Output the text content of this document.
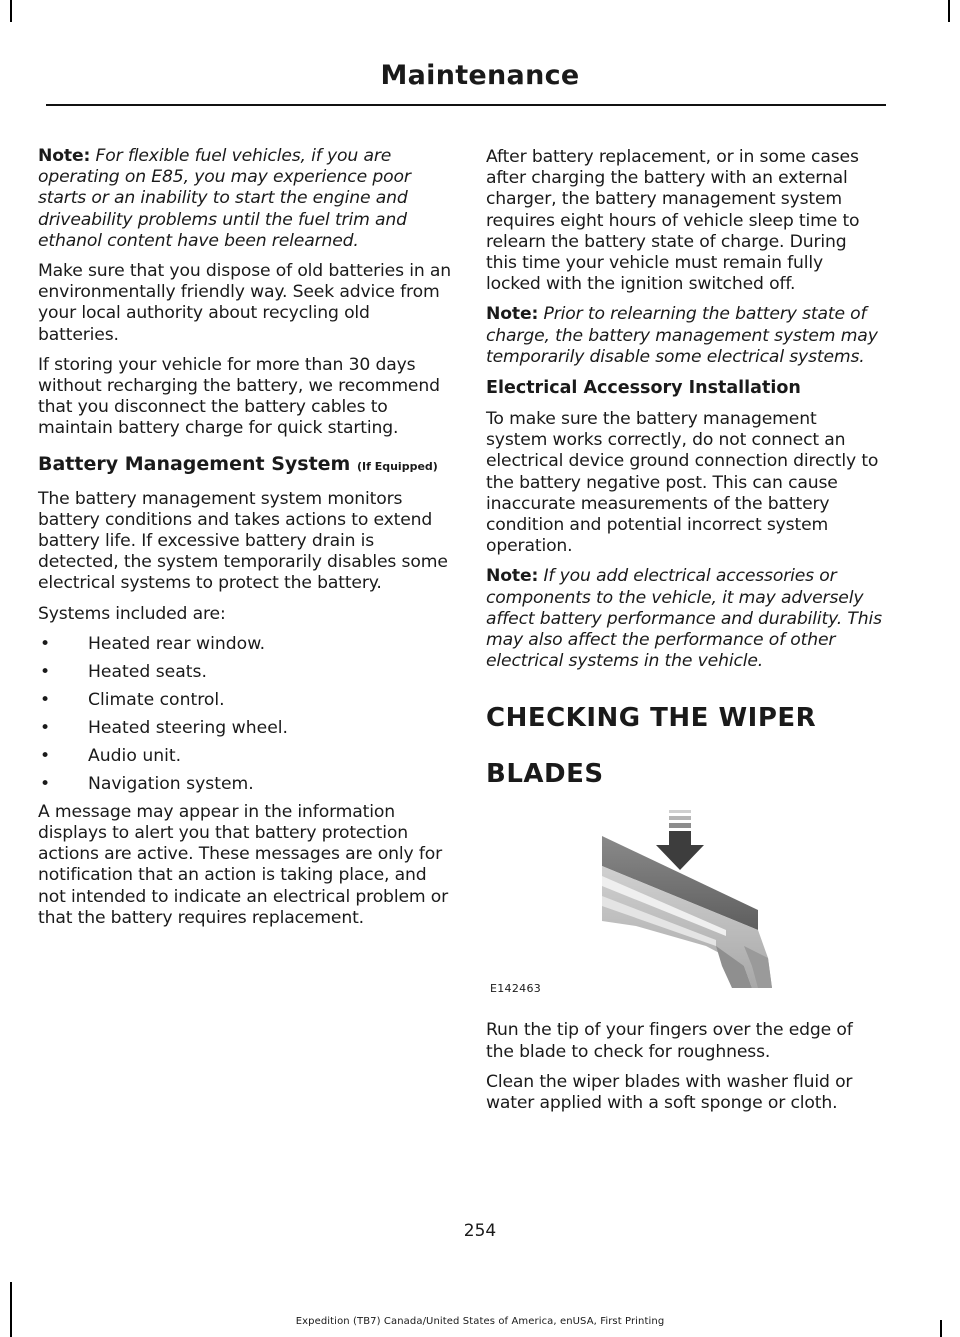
Maintenance

Note: For flexible fuel vehicles, if you are operating on E85, you may experience poor starts or an inability to start the engine and driveability problems until the fuel trim and ethanol content have been relearned.

Make sure that you dispose of old batteries in an environmentally friendly way. Seek advice from your local authority about recycling old batteries.

If storing your vehicle for more than 30 days without recharging the battery, we recommend that you disconnect the battery cables to maintain battery charge for quick starting.

Battery Management System (If Equipped)

The battery management system monitors battery conditions and takes actions to extend battery life. If excessive battery drain is detected, the system temporarily disables some electrical systems to protect the battery.

Systems included are:

• Heated rear window.
• Heated seats.
• Climate control.
• Heated steering wheel.
• Audio unit.
• Navigation system.

A message may appear in the information displays to alert you that battery protection actions are active. These messages are only for notification that an action is taking place, and not intended to indicate an electrical problem or that the battery requires replacement.

After battery replacement, or in some cases after charging the battery with an external charger, the battery management system requires eight hours of vehicle sleep time to relearn the battery state of charge. During this time your vehicle must remain fully locked with the ignition switched off.

Note: Prior to relearning the battery state of charge, the battery management system may temporarily disable some electrical systems.

Electrical Accessory Installation

To make sure the battery management system works correctly, do not connect an electrical device ground connection directly to the battery negative post. This can cause inaccurate measurements of the battery condition and potential incorrect system operation.

Note: If you add electrical accessories or components to the vehicle, it may adversely affect battery performance and durability. This may also affect the performance of other electrical systems in the vehicle.

CHECKING THE WIPER
BLADES
E142463

Run the tip of your fingers over the edge of the blade to check for roughness.

Clean the wiper blades with washer fluid or water applied with a soft sponge or cloth.

254
Expedition (TB7) Canada/United States of America, enUSA, First Printing
